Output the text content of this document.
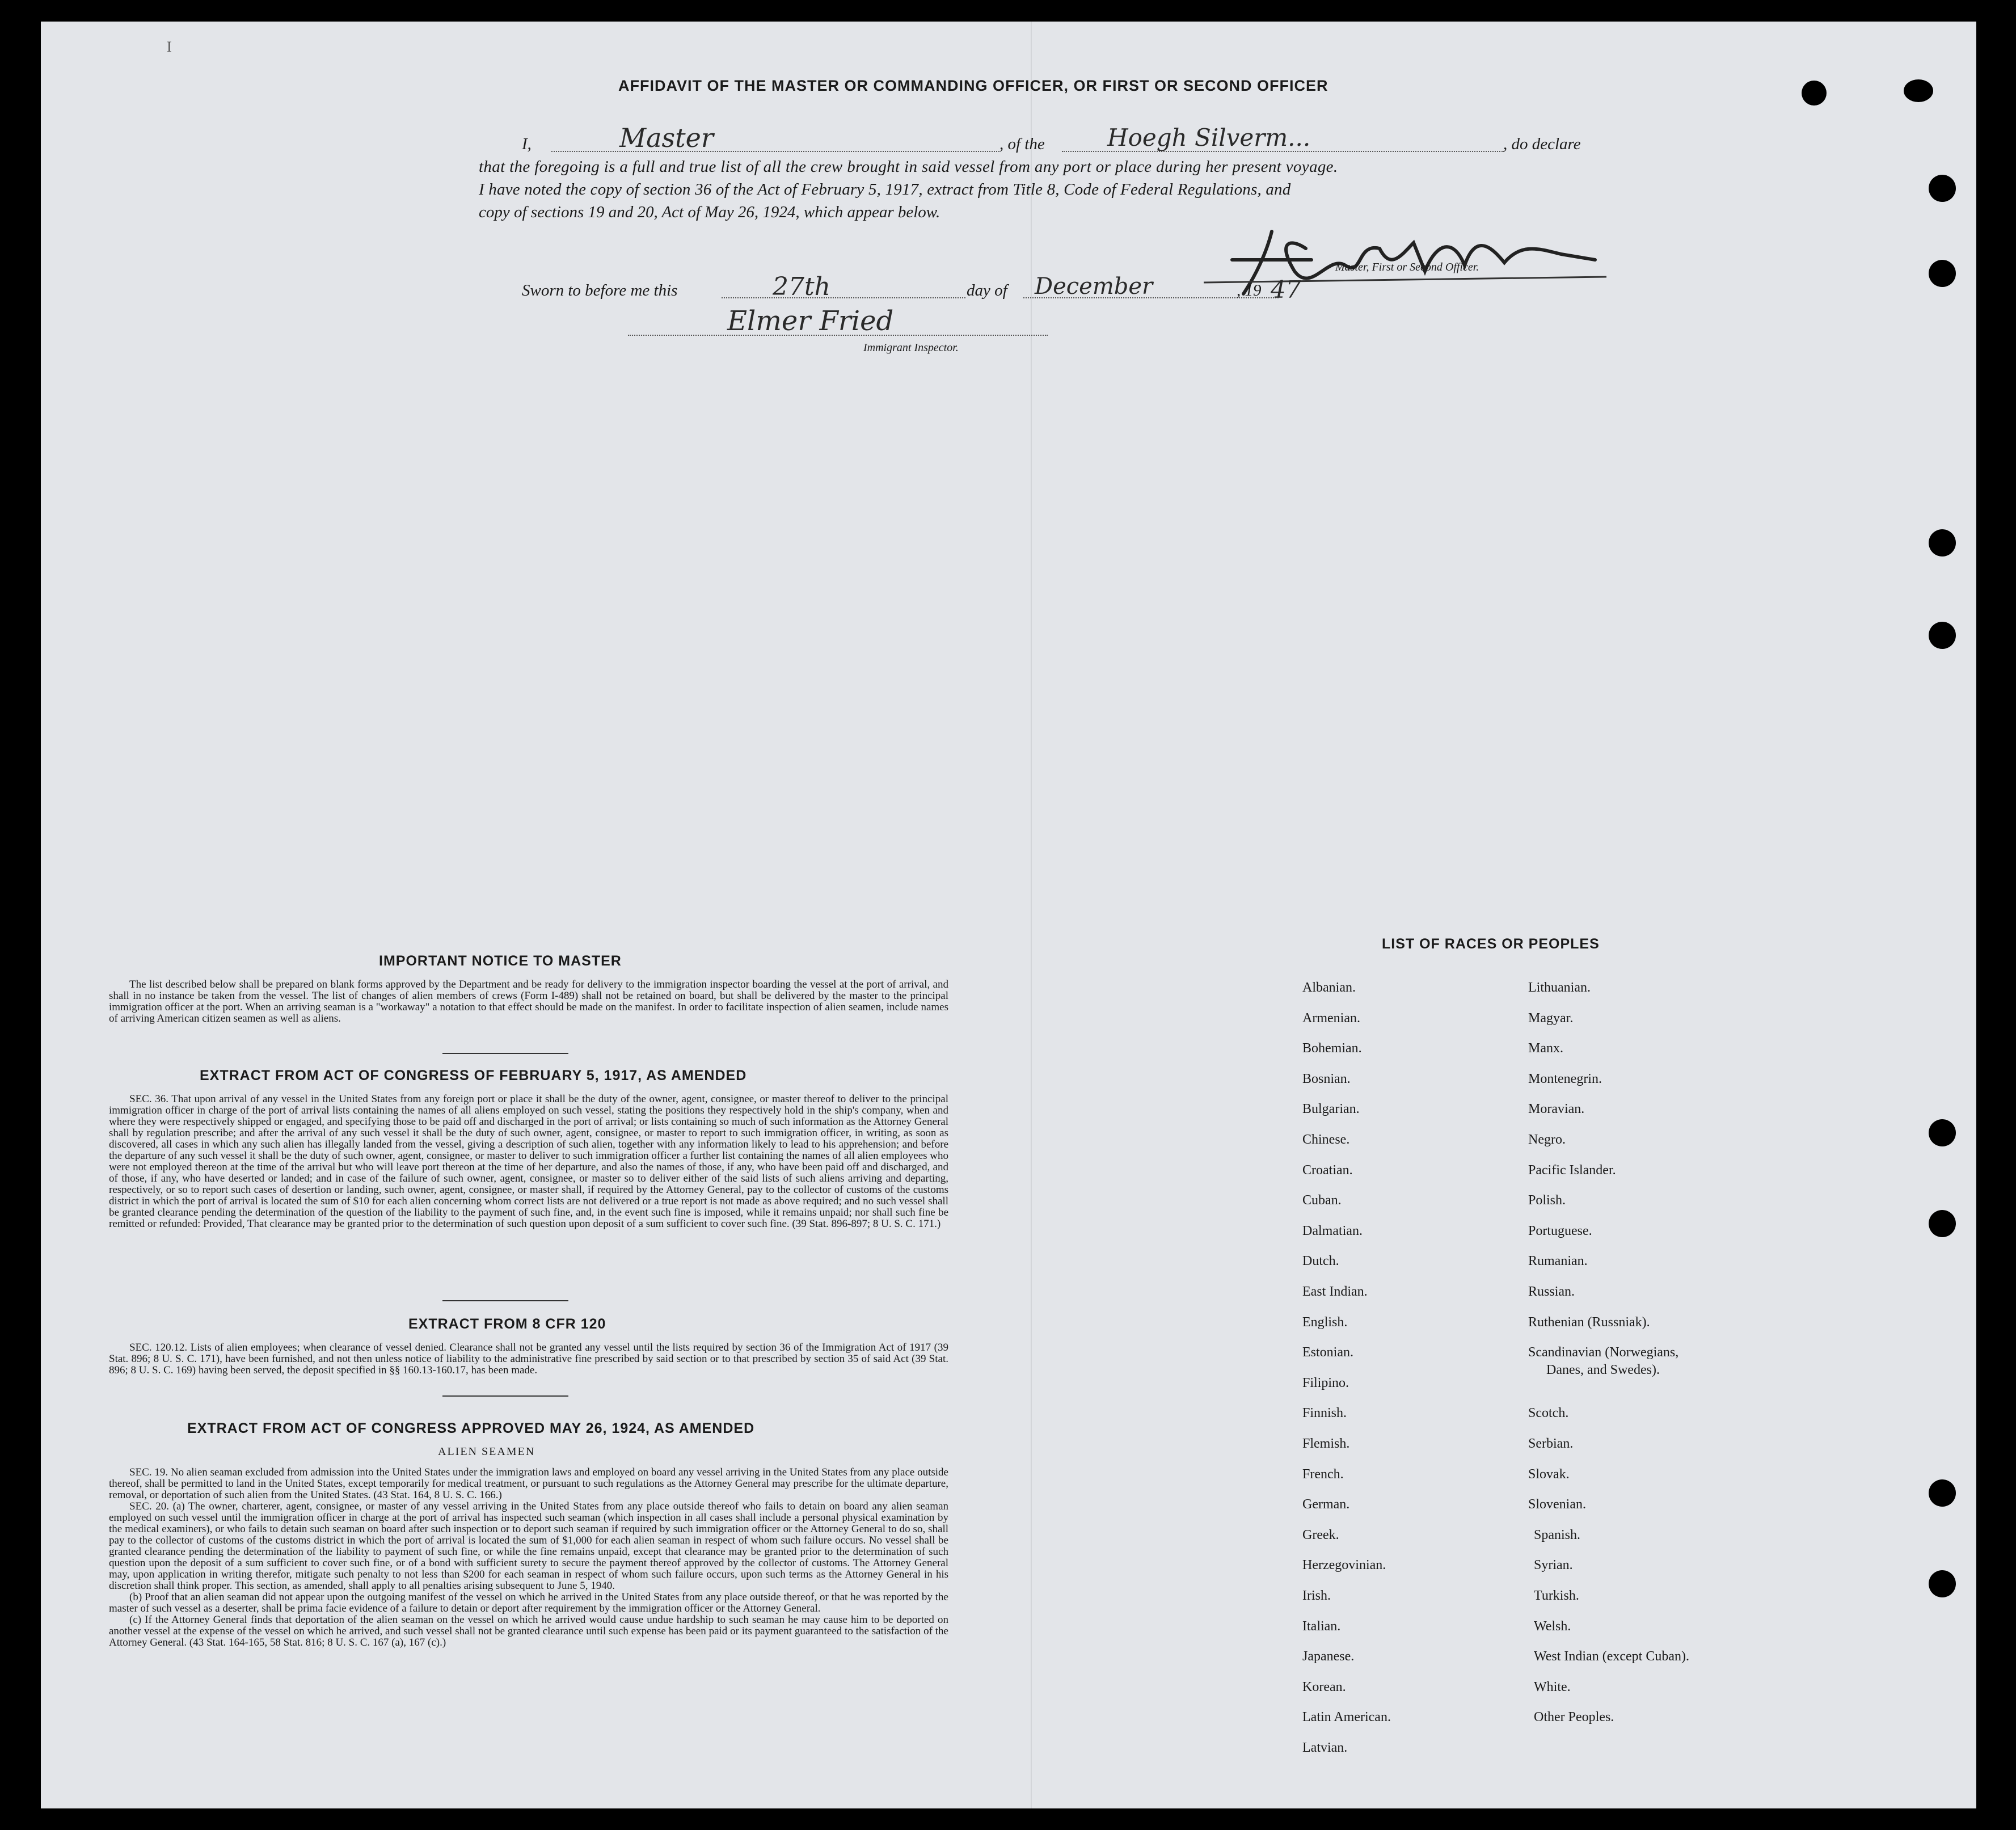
I
AFFIDAVIT OF THE MASTER OR COMMANDING OFFICER, OR FIRST OR SECOND OFFICER
I,	Master	, of the	Hoegh Silverm...	, do declare
that the foregoing is a full and true list of all the crew brought in said vessel from any port or place during her present voyage.
I have noted the copy of section 36 of the Act of February 5, 1917, extract from Title 8, Code of Federal Regulations, and
copy of sections 19 and 20, Act of May 26, 1924, which appear below.
Master, First or Second Officer.
Sworn to before me this	27th	day of December	, 19 47
Elmer Fried
Immigrant Inspector.
IMPORTANT NOTICE TO MASTER

The list described below shall be prepared on blank forms approved by the Department and be ready for delivery to the immigration inspector boarding the vessel at the port of arrival, and shall in no instance be taken from the vessel. The list of changes of alien members of crews (Form I-489) shall not be retained on board, but shall be delivered by the master to the principal immigration officer at the port. When an arriving seaman is a "workaway" a notation to that effect should be made on the manifest. In order to facilitate inspection of alien seamen, include names of arriving American citizen seamen as well as aliens.

EXTRACT FROM ACT OF CONGRESS OF FEBRUARY 5, 1917, AS AMENDED

SEC. 36. That upon arrival of any vessel in the United States from any foreign port or place it shall be the duty of the owner, agent, consignee, or master thereof to deliver to the principal immigration officer in charge of the port of arrival lists containing the names of all aliens employed on such vessel, stating the positions they respectively hold in the ship's company, when and where they were respectively shipped or engaged, and specifying those to be paid off and discharged in the port of arrival; or lists containing so much of such information as the Attorney General shall by regulation prescribe; and after the arrival of any such vessel it shall be the duty of such owner, agent, consignee, or master to report to such immigration officer, in writing, as soon as discovered, all cases in which any such alien has illegally landed from the vessel, giving a description of such alien, together with any information likely to lead to his apprehension; and before the departure of any such vessel it shall be the duty of such owner, agent, consignee, or master to deliver to such immigration officer a further list containing the names of all alien employees who were not employed thereon at the time of the arrival but who will leave port thereon at the time of her departure, and also the names of those, if any, who have been paid off and discharged, and of those, if any, who have deserted or landed; and in case of the failure of such owner, agent, consignee, or master so to deliver either of the said lists of such aliens arriving and departing, respectively, or so to report such cases of desertion or landing, such owner, agent, consignee, or master shall, if required by the Attorney General, pay to the collector of customs of the customs district in which the port of arrival is located the sum of $10 for each alien concerning whom correct lists are not delivered or a true report is not made as above required; and no such vessel shall be granted clearance pending the determination of the question of the liability to the payment of such fine, and, in the event such fine is imposed, while it remains unpaid; nor shall such fine be remitted or refunded: Provided, That clearance may be granted prior to the determination of such question upon deposit of a sum sufficient to cover such fine. (39 Stat. 896-897; 8 U. S. C. 171.)

EXTRACT FROM 8 CFR 120

SEC. 120.12. Lists of alien employees; when clearance of vessel denied. Clearance shall not be granted any vessel until the lists required by section 36 of the Immigration Act of 1917 (39 Stat. 896; 8 U. S. C. 171), have been furnished, and not then unless notice of liability to the administrative fine prescribed by said section or to that prescribed by section 35 of said Act (39 Stat. 896; 8 U. S. C. 169) having been served, the deposit specified in §§ 160.13-160.17, has been made.

EXTRACT FROM ACT OF CONGRESS APPROVED MAY 26, 1924, AS AMENDED
ALIEN SEAMEN

SEC. 19. No alien seaman excluded from admission into the United States under the immigration laws and employed on board any vessel arriving in the United States from any place outside thereof, shall be permitted to land in the United States, except temporarily for medical treatment, or pursuant to such regulations as the Attorney General may prescribe for the ultimate departure, removal, or deportation of such alien from the United States. (43 Stat. 164, 8 U. S. C. 166.)

SEC. 20. (a) The owner, charterer, agent, consignee, or master of any vessel arriving in the United States from any place outside thereof who fails to detain on board any alien seaman employed on such vessel until the immigration officer in charge at the port of arrival has inspected such seaman (which inspection in all cases shall include a personal physical examination by the medical examiners), or who fails to detain such seaman on board after such inspection or to deport such seaman if required by such immigration officer or the Attorney General to do so, shall pay to the collector of customs of the customs district in which the port of arrival is located the sum of $1,000 for each alien seaman in respect of whom such failure occurs. No vessel shall be granted clearance pending the determination of the liability to payment of such fine, or while the fine remains unpaid, except that clearance may be granted prior to the determination of such question upon the deposit of a sum sufficient to cover such fine, or of a bond with sufficient surety to secure the payment thereof approved by the collector of customs. The Attorney General may, upon application in writing therefor, mitigate such penalty to not less than $200 for each seaman in respect of whom such failure occurs, upon such terms as the Attorney General in his discretion shall think proper. This section, as amended, shall apply to all penalties arising subsequent to June 5, 1940.

(b) Proof that an alien seaman did not appear upon the outgoing manifest of the vessel on which he arrived in the United States from any place outside thereof, or that he was reported by the master of such vessel as a deserter, shall be prima facie evidence of a failure to detain or deport after requirement by the immigration officer or the Attorney General.

(c) If the Attorney General finds that deportation of the alien seaman on the vessel on which he arrived would cause undue hardship to such seaman he may cause him to be deported on another vessel at the expense of the vessel on which he arrived, and such vessel shall not be granted clearance until such expense has been paid or its payment guaranteed to the satisfaction of the Attorney General. (43 Stat. 164-165, 58 Stat. 816; 8 U. S. C. 167 (a), 167 (c).)

LIST OF RACES OR PEOPLES
Albanian.
Armenian.
Bohemian.
Bosnian.
Bulgarian.
Chinese.
Croatian.
Cuban.
Dalmatian.
Dutch.
East Indian.
English.
Estonian.
Filipino.
Finnish.
Flemish.
French.
German.
Greek.
Herzegovinian.
Irish.
Italian.
Japanese.
Korean.
Latin American.
Latvian.
Lithuanian.
Magyar.
Manx.
Montenegrin.
Moravian.
Negro.
Pacific Islander.
Polish.
Portuguese.
Rumanian.
Russian.
Ruthenian (Russniak).
Scandinavian (Norwegians,
Danes, and Swedes).
Scotch.
Serbian.
Slovak.
Slovenian.
Spanish.
Syrian.
Turkish.
Welsh.
West Indian (except Cuban).
White.
Other Peoples.
